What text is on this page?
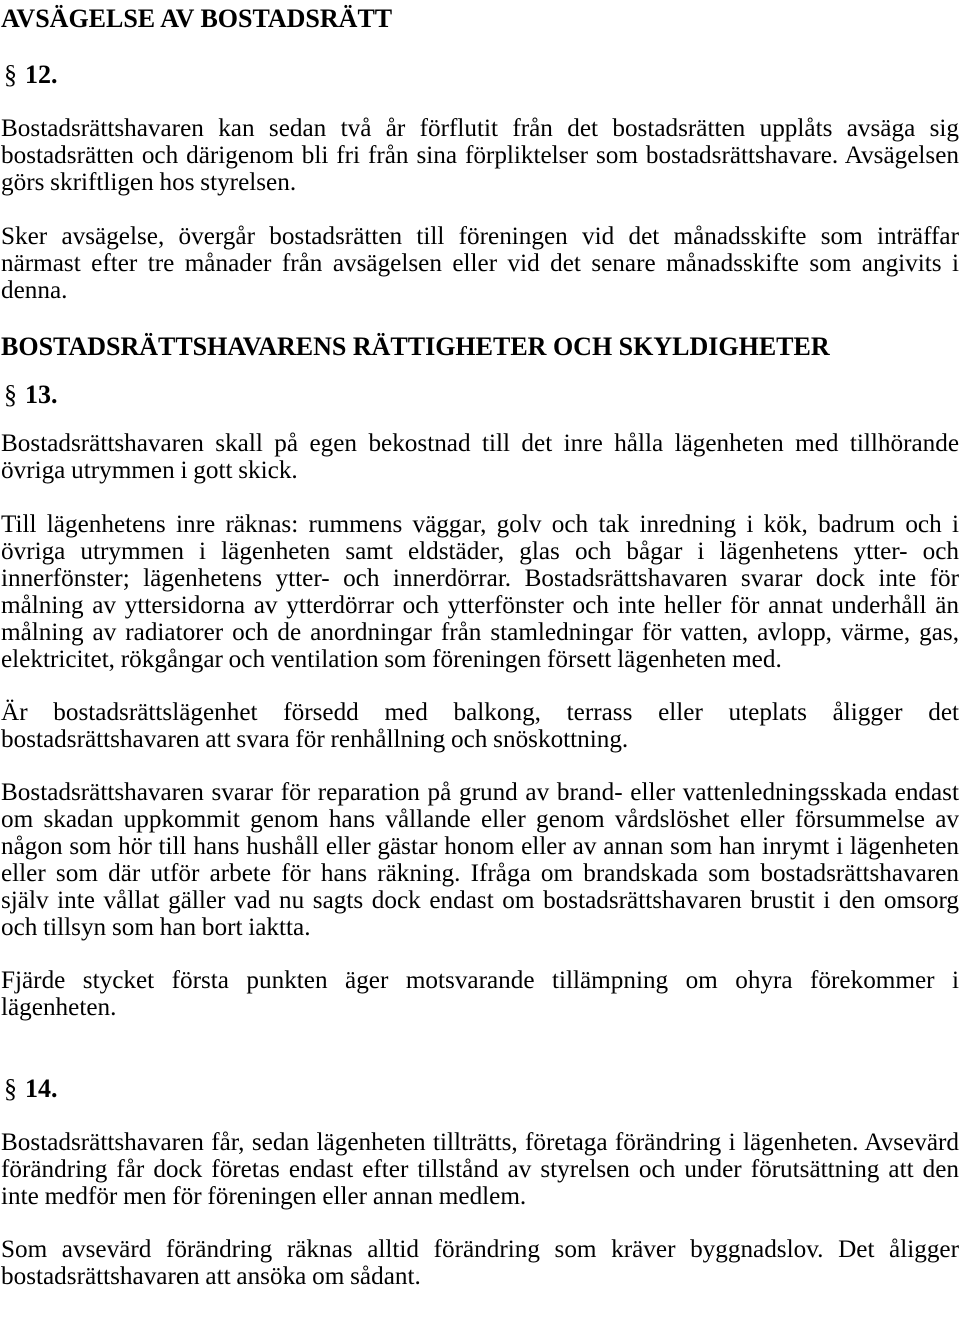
AVSÄGELSE AV BOSTADSRÄTT

§ 12.

Bostadsrättshavaren kan sedan två år förflutit från det bostadsrätten upplåts avsäga sig bostadsrätten och därigenom bli fri från sina förpliktelser som bostadsrättshavare. Avsägelsen görs skriftligen hos styrelsen.

Sker avsägelse, övergår bostadsrätten till föreningen vid det månadsskifte som inträffar närmast efter tre månader från avsägelsen eller vid det senare månadsskifte som angivits i denna.

BOSTADSRÄTTSHAVARENS RÄTTIGHETER OCH SKYLDIGHETER

§ 13.

Bostadsrättshavaren skall på egen bekostnad till det inre hålla lägenheten med tillhörande övriga utrymmen i gott skick.

Till lägenhetens inre räknas: rummens väggar, golv och tak inredning i kök, badrum och i övriga utrymmen i lägenheten samt eldstäder, glas och bågar i lägenhetens ytter- och innerfönster; lägenhetens ytter- och innerdörrar. Bostadsrättshavaren svarar dock inte för målning av yttersidorna av ytterdörrar och ytterfönster och inte heller för annat underhåll än målning av radiatorer och de anordningar från stamledningar för vatten, avlopp, värme, gas, elektricitet, rökgångar och ventilation som föreningen försett lägenheten med.

Är bostadsrättslägenhet försedd med balkong, terrass eller uteplats åligger det bostadsrättshavaren att svara för renhållning och snöskottning.

Bostadsrättshavaren svarar för reparation på grund av brand- eller vattenledningsskada endast om skadan uppkommit genom hans vållande eller genom vårdslöshet eller försummelse av någon som hör till hans hushåll eller gästar honom eller av annan som han inrymt i lägenheten eller som där utför arbete för hans räkning. Ifråga om brandskada som bostadsrättshavaren själv inte vållat gäller vad nu sagts dock endast om bostadsrättshavaren brustit i den omsorg och tillsyn som han bort iaktta.

Fjärde stycket första punkten äger motsvarande tillämpning om ohyra förekommer i lägenheten.

§ 14.

Bostadsrättshavaren får, sedan lägenheten tillträtts, företaga förändring i lägenheten. Avsevärd förändring får dock företas endast efter tillstånd av styrelsen och under förutsättning att den inte medför men för föreningen eller annan medlem.

Som avsevärd förändring räknas alltid förändring som kräver byggnadslov. Det åligger bostadsrättshavaren att ansöka om sådant.
